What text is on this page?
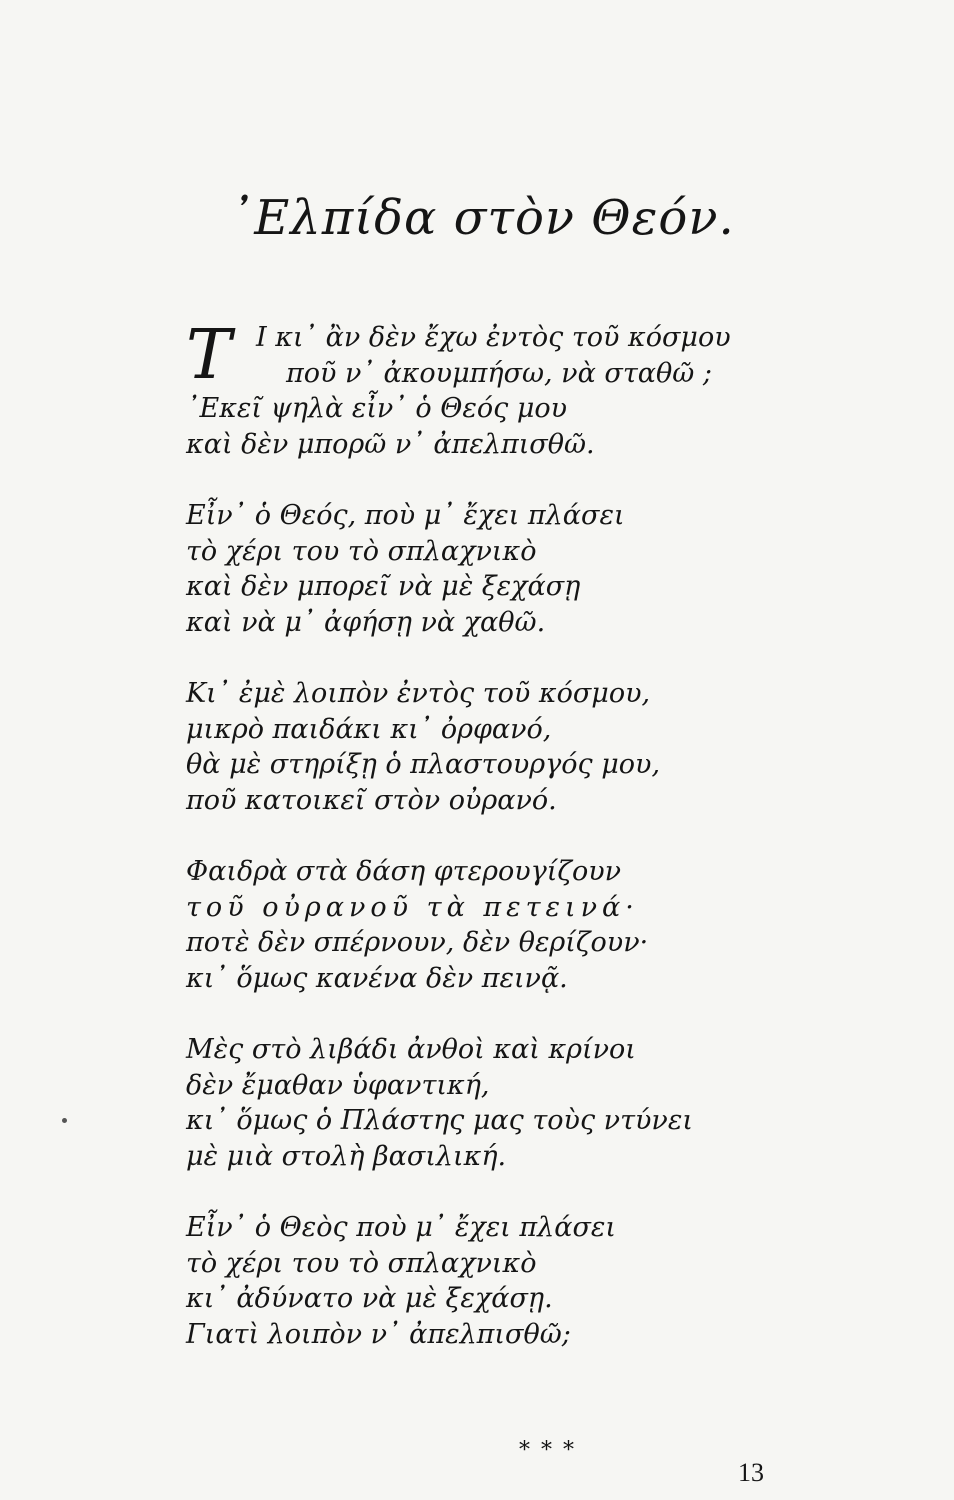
᾿Ελπίδα στὸν Θεόν.
Τ Ι κι᾿ ἂν δὲν ἔχω ἐντὸς τοῦ κόσμου
ποῦ ν᾿ ἀκουμπήσω, νὰ σταθῶ ;
᾿Εκεῖ ψηλὰ εἶν᾿ ὁ Θεός μου
καὶ δὲν μπορῶ ν᾿ ἀπελπισθῶ.
Εἶν᾿ ὁ Θεός, ποὺ μ᾿ ἔχει πλάσει
τὸ χέρι του τὸ σπλαχνικὸ
καὶ δὲν μπορεῖ νὰ μὲ ξεχάσῃ
καὶ νὰ μ᾿ ἀφήσῃ νὰ χαθῶ.
Κι᾿ ἐμὲ λοιπὸν ἐντὸς τοῦ κόσμου,
μικρὸ παιδάκι κι᾿ ὀρφανό,
θὰ μὲ στηρίξῃ ὁ πλαστουργός μου,
ποῦ κατοικεῖ στὸν οὐρανό.
Φαιδρὰ στὰ δάση φτερουγίζουν
τοῦ οὐρανοῦ τὰ πετεινά·
ποτὲ δὲν σπέρνουν, δὲν θερίζουν·
κι᾿ ὅμως κανένα δὲν πεινᾷ.
Μὲς στὸ λιβάδι ἀνθοὶ καὶ κρίνοι
δὲν ἔμαθαν ὑφαντική,
κι᾿ ὅμως ὁ Πλάστης μας τοὺς ντύνει
μὲ μιὰ στολὴ βασιλική.
Εἶν᾿ ὁ Θεὸς ποὺ μ᾿ ἔχει πλάσει
τὸ χέρι του τὸ σπλαχνικὸ
κι᾿ ἀδύνατο νὰ μὲ ξεχάσῃ.
Γιατὶ λοιπὸν ν᾿ ἀπελπισθῶ;
* * *
13
